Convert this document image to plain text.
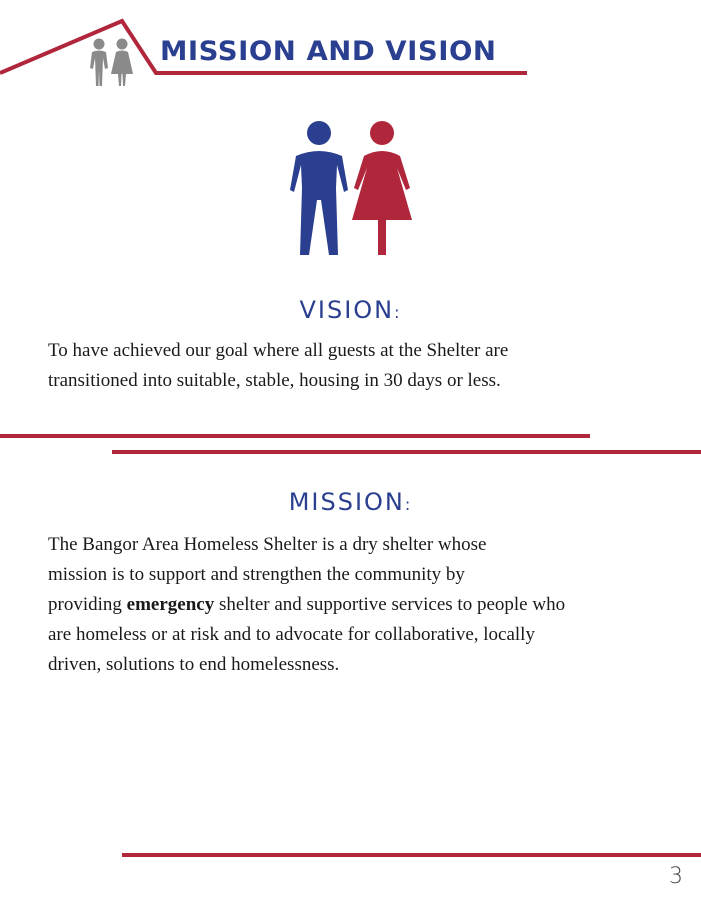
MISSION AND VISION
VISION:
To have achieved our goal where all guests at the Shelter are
transitioned into suitable, stable, housing in 30 days or less.
MISSION:
The Bangor Area Homeless Shelter is a dry shelter whose
mission is to support and strengthen the community by
providing emergency shelter and supportive services to people who
are homeless or at risk and to advocate for collaborative, locally
driven, solutions to end homelessness.
3
